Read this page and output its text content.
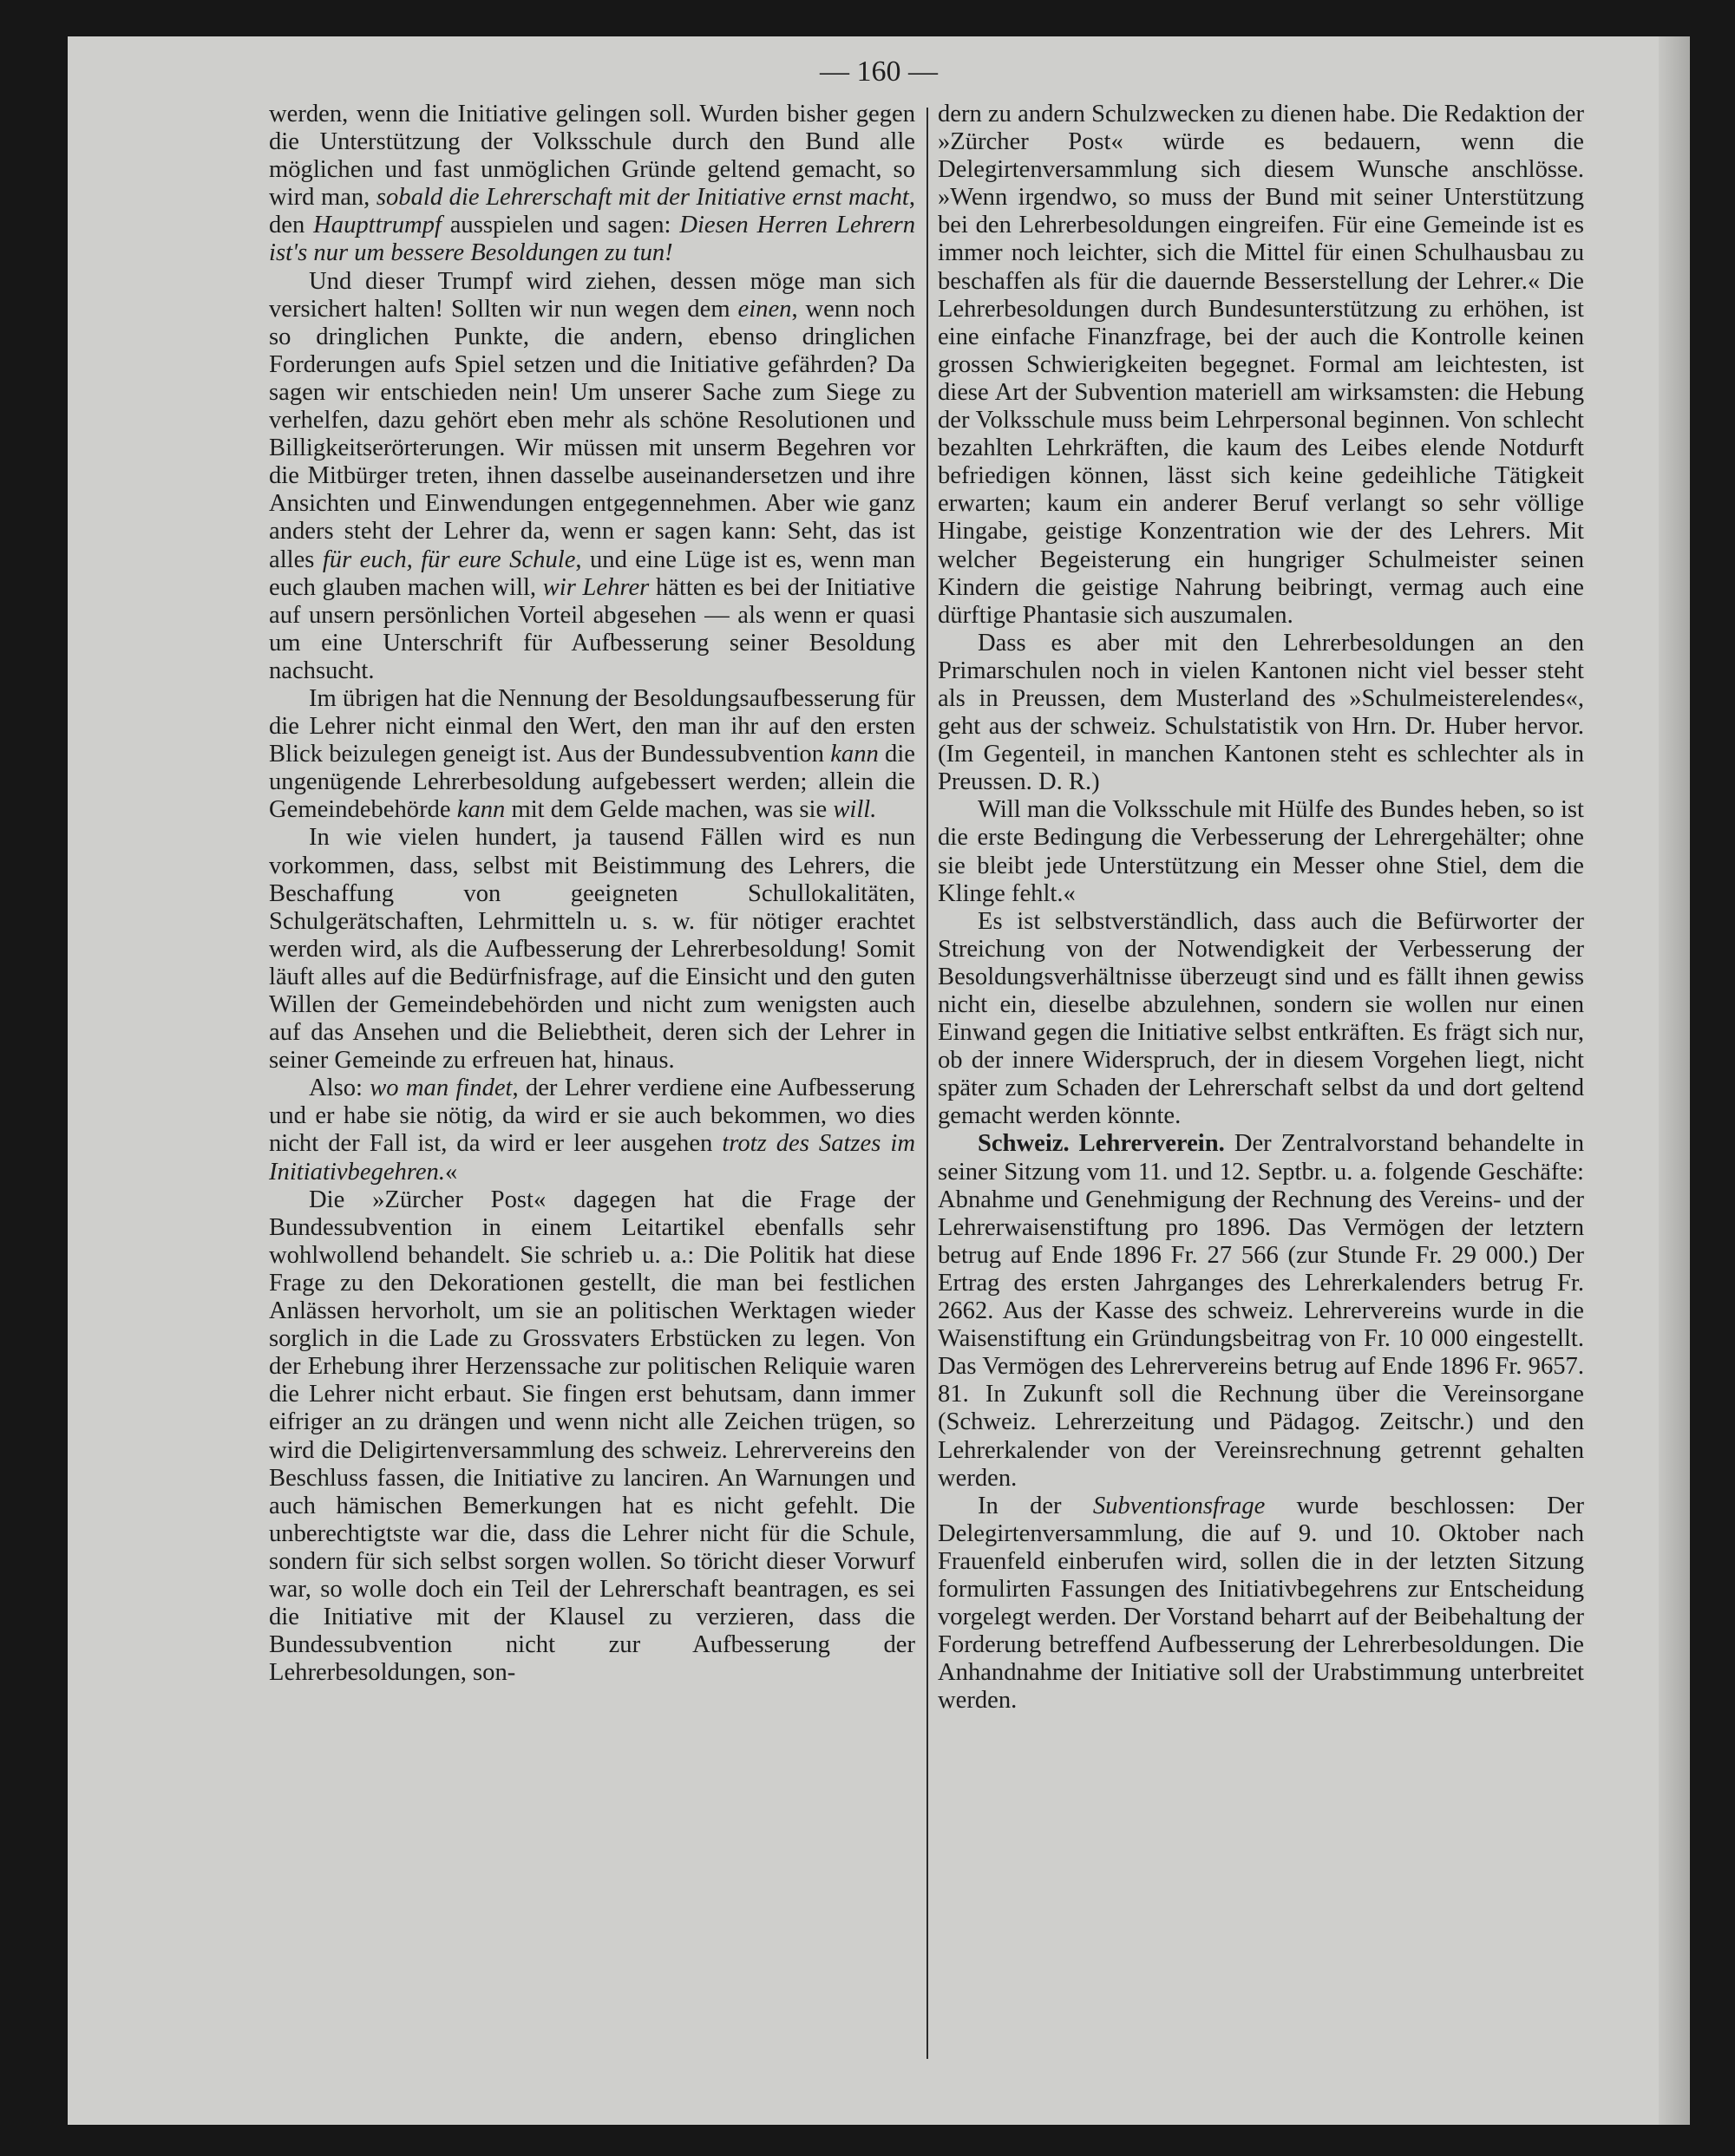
— 160 —

werden, wenn die Initiative gelingen soll. Wurden bisher gegen die Unterstützung der Volksschule durch den Bund alle möglichen und fast unmöglichen Gründe geltend gemacht, so wird man, sobald die Lehrerschaft mit der Initiative ernst macht, den Haupttrumpf ausspielen und sagen: Diesen Herren Lehrern ist's nur um bessere Besoldungen zu tun!

Und dieser Trumpf wird ziehen, dessen möge man sich versichert halten! Sollten wir nun wegen dem einen, wenn noch so dringlichen Punkte, die andern, ebenso dringlichen Forderungen aufs Spiel setzen und die Initiative gefährden? Da sagen wir entschieden nein! Um unserer Sache zum Siege zu verhelfen, dazu gehört eben mehr als schöne Resolutionen und Billigkeitserörterungen. Wir müssen mit unserm Begehren vor die Mitbürger treten, ihnen dasselbe auseinandersetzen und ihre Ansichten und Einwendungen entgegennehmen. Aber wie ganz anders steht der Lehrer da, wenn er sagen kann: Seht, das ist alles für euch, für eure Schule, und eine Lüge ist es, wenn man euch glauben machen will, wir Lehrer hätten es bei der Initiative auf unsern persönlichen Vorteil abgesehen — als wenn er quasi um eine Unterschrift für Aufbesserung seiner Besoldung nachsucht.

Im übrigen hat die Nennung der Besoldungsaufbesserung für die Lehrer nicht einmal den Wert, den man ihr auf den ersten Blick beizulegen geneigt ist. Aus der Bundessubvention kann die ungenügende Lehrerbesoldung aufgebessert werden; allein die Gemeindebehörde kann mit dem Gelde machen, was sie will.

In wie vielen hundert, ja tausend Fällen wird es nun vorkommen, dass, selbst mit Beistimmung des Lehrers, die Beschaffung von geeigneten Schullokalitäten, Schulgerätschaften, Lehrmitteln u. s. w. für nötiger erachtet werden wird, als die Aufbesserung der Lehrerbesoldung! Somit läuft alles auf die Bedürfnisfrage, auf die Einsicht und den guten Willen der Gemeindebehörden und nicht zum wenigsten auch auf das Ansehen und die Beliebtheit, deren sich der Lehrer in seiner Gemeinde zu erfreuen hat, hinaus.

Also: wo man findet, der Lehrer verdiene eine Aufbesserung und er habe sie nötig, da wird er sie auch bekommen, wo dies nicht der Fall ist, da wird er leer ausgehen trotz des Satzes im Initiativbegehren.«

Die »Zürcher Post« dagegen hat die Frage der Bundessubvention in einem Leitartikel ebenfalls sehr wohlwollend behandelt. Sie schrieb u. a.: Die Politik hat diese Frage zu den Dekorationen gestellt, die man bei festlichen Anlässen hervorholt, um sie an politischen Werktagen wieder sorglich in die Lade zu Grossvaters Erbstücken zu legen. Von der Erhebung ihrer Herzenssache zur politischen Reliquie waren die Lehrer nicht erbaut. Sie fingen erst behutsam, dann immer eifriger an zu drängen und wenn nicht alle Zeichen trügen, so wird die Deligirtenversammlung des schweiz. Lehrervereins den Beschluss fassen, die Initiative zu lanciren. An Warnungen und auch hämischen Bemerkungen hat es nicht gefehlt. Die unberechtigtste war die, dass die Lehrer nicht für die Schule, sondern für sich selbst sorgen wollen. So töricht dieser Vorwurf war, so wolle doch ein Teil der Lehrerschaft beantragen, es sei die Initiative mit der Klausel zu verzieren, dass die Bundessubvention nicht zur Aufbesserung der Lehrerbesoldungen, son-

dern zu andern Schulzwecken zu dienen habe. Die Redaktion der »Zürcher Post« würde es bedauern, wenn die Delegirtenversammlung sich diesem Wunsche anschlösse. »Wenn irgendwo, so muss der Bund mit seiner Unterstützung bei den Lehrerbesoldungen eingreifen. Für eine Gemeinde ist es immer noch leichter, sich die Mittel für einen Schulhausbau zu beschaffen als für die dauernde Besserstellung der Lehrer.« Die Lehrerbesoldungen durch Bundesunterstützung zu erhöhen, ist eine einfache Finanzfrage, bei der auch die Kontrolle keinen grossen Schwierigkeiten begegnet. Formal am leichtesten, ist diese Art der Subvention materiell am wirksamsten: die Hebung der Volksschule muss beim Lehrpersonal beginnen. Von schlecht bezahlten Lehrkräften, die kaum des Leibes elende Notdurft befriedigen können, lässt sich keine gedeihliche Tätigkeit erwarten; kaum ein anderer Beruf verlangt so sehr völlige Hingabe, geistige Konzentration wie der des Lehrers. Mit welcher Begeisterung ein hungriger Schulmeister seinen Kindern die geistige Nahrung beibringt, vermag auch eine dürftige Phantasie sich auszumalen.

Dass es aber mit den Lehrerbesoldungen an den Primarschulen noch in vielen Kantonen nicht viel besser steht als in Preussen, dem Musterland des »Schulmeisterelendes«, geht aus der schweiz. Schulstatistik von Hrn. Dr. Huber hervor. (Im Gegenteil, in manchen Kantonen steht es schlechter als in Preussen. D. R.)

Will man die Volksschule mit Hülfe des Bundes heben, so ist die erste Bedingung die Verbesserung der Lehrergehälter; ohne sie bleibt jede Unterstützung ein Messer ohne Stiel, dem die Klinge fehlt.«

Es ist selbstverständlich, dass auch die Befürworter der Streichung von der Notwendigkeit der Verbesserung der Besoldungsverhältnisse überzeugt sind und es fällt ihnen gewiss nicht ein, dieselbe abzulehnen, sondern sie wollen nur einen Einwand gegen die Initiative selbst entkräften. Es frägt sich nur, ob der innere Widerspruch, der in diesem Vorgehen liegt, nicht später zum Schaden der Lehrerschaft selbst da und dort geltend gemacht werden könnte.

Schweiz. Lehrerverein. Der Zentralvorstand behandelte in seiner Sitzung vom 11. und 12. Septbr. u. a. folgende Geschäfte: Abnahme und Genehmigung der Rechnung des Vereins- und der Lehrerwaisenstiftung pro 1896. Das Vermögen der letztern betrug auf Ende 1896 Fr. 27 566 (zur Stunde Fr. 29 000.) Der Ertrag des ersten Jahrganges des Lehrerkalenders betrug Fr. 2662. Aus der Kasse des schweiz. Lehrervereins wurde in die Waisenstiftung ein Gründungsbeitrag von Fr. 10 000 eingestellt. Das Vermögen des Lehrervereins betrug auf Ende 1896 Fr. 9657. 81. In Zukunft soll die Rechnung über die Vereinsorgane (Schweiz. Lehrerzeitung und Pädagog. Zeitschr.) und den Lehrerkalender von der Vereinsrechnung getrennt gehalten werden.

In der Subventionsfrage wurde beschlossen: Der Delegirtenversammlung, die auf 9. und 10. Oktober nach Frauenfeld einberufen wird, sollen die in der letzten Sitzung formulirten Fassungen des Initiativbegehrens zur Entscheidung vorgelegt werden. Der Vorstand beharrt auf der Beibehaltung der Forderung betreffend Aufbesserung der Lehrerbesoldungen. Die Anhandnahme der Initiative soll der Urabstimmung unterbreitet werden.
